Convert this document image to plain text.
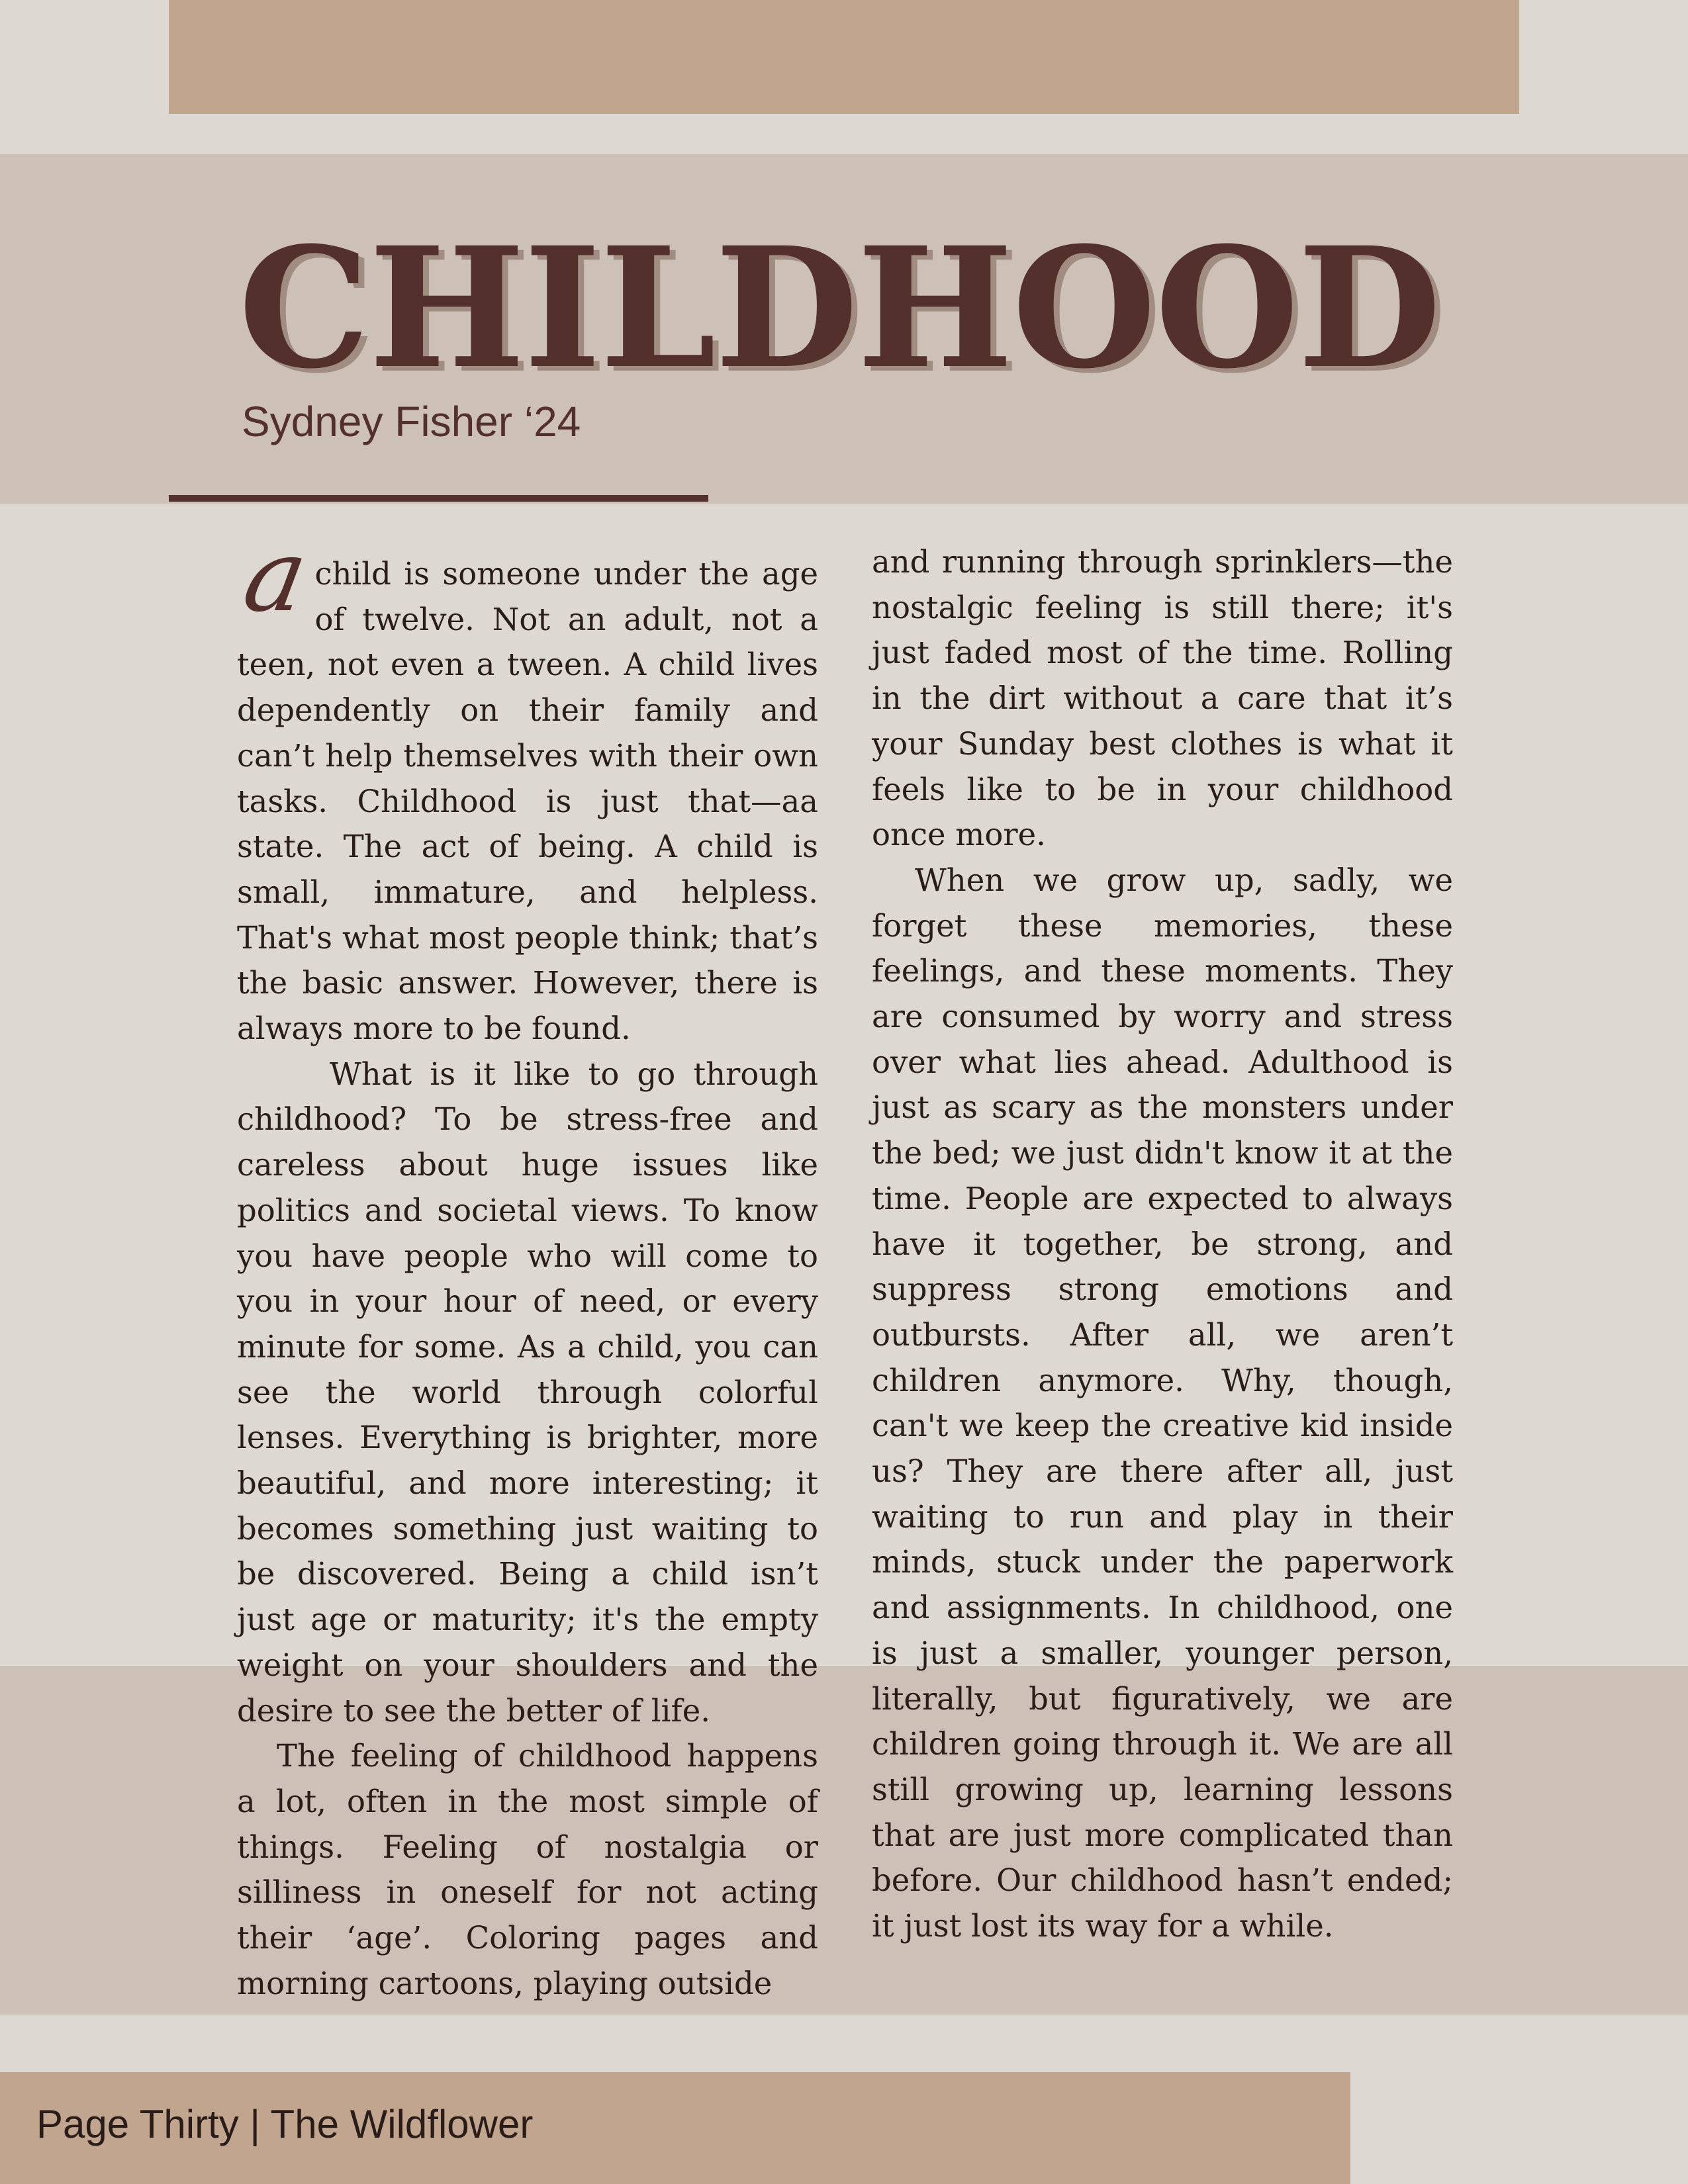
CHILDHOOD
Sydney Fisher ‘24

a child is someone under the age of twelve. Not an adult, not a teen, not even a tween. A child lives dependently on their family and can’t help themselves with their own tasks. Childhood is just that—aa state. The act of being. A child is small, immature, and helpless. That's what most people think; that’s the basic answer. However, there is always more to be found.

What is it like to go through childhood? To be stress-free and careless about huge issues like politics and societal views. To know you have people who will come to you in your hour of need, or every minute for some. As a child, you can see the world through colorful lenses. Everything is brighter, more beautiful, and more interesting; it becomes something just waiting to be discovered. Being a child isn’t just age or maturity; it's the empty weight on your shoulders and the desire to see the better of life.

The feeling of childhood happens a lot, often in the most simple of things. Feeling of nostalgia or silliness in oneself for not acting their ‘age’. Coloring pages and morning cartoons, playing outside

and running through sprinklers—the nostalgic feeling is still there; it's just faded most of the time. Rolling in the dirt without a care that it’s your Sunday best clothes is what it feels like to be in your childhood once more.

When we grow up, sadly, we forget these memories, these feelings, and these moments. They are consumed by worry and stress over what lies ahead. Adulthood is just as scary as the monsters under the bed; we just didn't know it at the time. People are expected to always have it together, be strong, and suppress strong emotions and outbursts. After all, we aren’t children anymore. Why, though, can't we keep the creative kid inside us? They are there after all, just waiting to run and play in their minds, stuck under the paperwork and assignments. In childhood, one is just a smaller, younger person, literally, but figuratively, we are children going through it. We are all still growing up, learning lessons that are just more complicated than before. Our childhood hasn’t ended; it just lost its way for a while.

Page Thirty | The Wildflower
